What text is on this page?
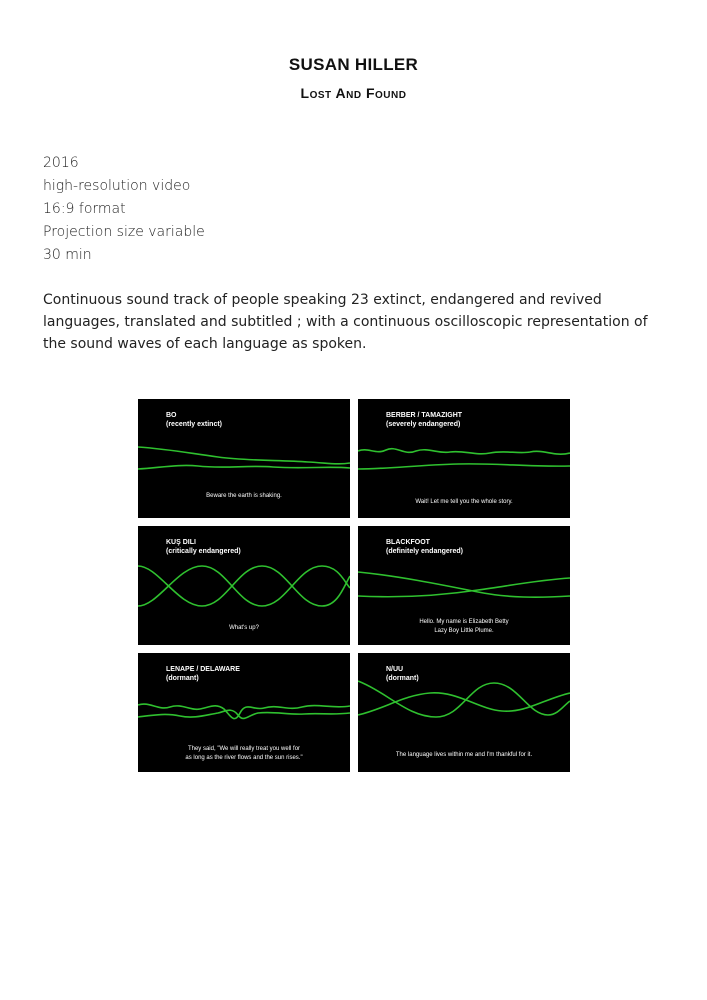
SUSAN HILLER
Lost And Found
2016
high-resolution video
16:9 format
Projection size variable
30 min
Continuous sound track of people speaking 23 extinct, endangered and revived languages, translated and subtitled ; with a continuous oscilloscopic representation of the sound waves of each language as spoken.
BO
(recently extinct)
Beware the earth is shaking.
BERBER / TAMAZIGHT
(severely endangered)
Wait! Let me tell you the whole story.
KUŞ DILI
(critically endangered)
What's up?
BLACKFOOT
(definitely endangered)
Hello. My name is Elizabeth Betty
Lazy Boy Little Plume.
LENAPE / DELAWARE
(dormant)
They said, "We will really treat you well for
as long as the river flows and the sun rises."
N/UU
(dormant)
The language lives within me and I'm thankful for it.
